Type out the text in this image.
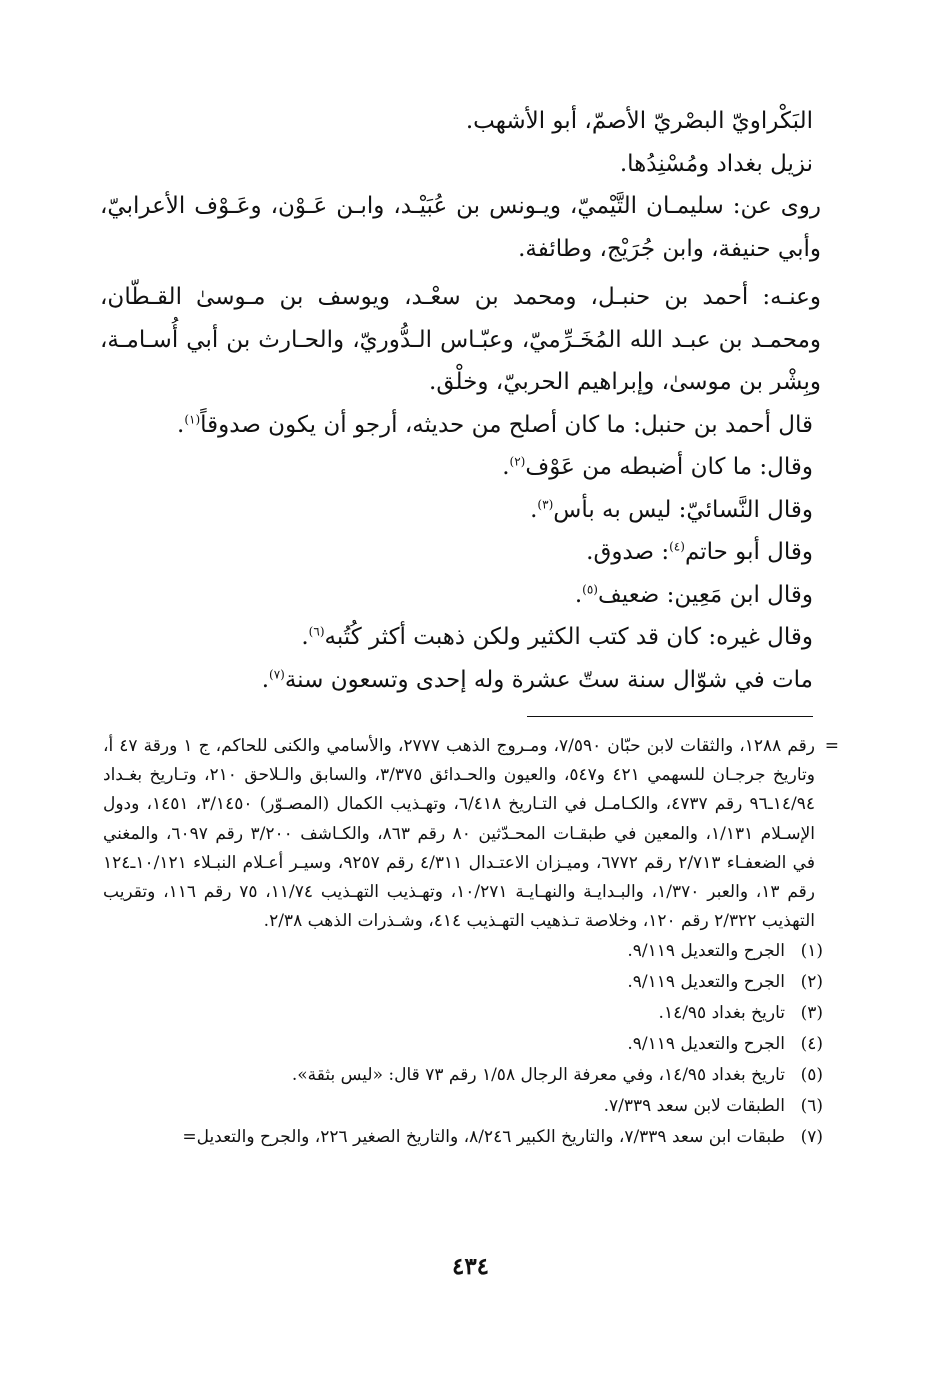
البَكْراويّ البصْريّ الأصمّ، أبو الأشهب.

نزيل بغداد ومُسْنِدُها.

روى عن: سليمـان التَّيْميّ، ويـونس بن عُبَيْـد، وابـن عَـوْن، وعَـوْف الأعرابيّ، وأبي حنيفة، وابن جُرَيْج، وطائفة.

وعنـه: أحمد بن حنبـل، ومحمد بن سعْـد، ويوسف بن مـوسىٰ القـطّان، ومحمـد بن عبـد الله المُخَـرِّميّ، وعبّـاس الـدُّوريّ، والحـارث بن أبي أُسـامـة، وبِشْر بن موسىٰ، وإبراهيم الحربيّ، وخلْق.

قال أحمد بن حنبل: ما كان أصلح من حديثه، أرجو أن يكون صدوقاً$^{(١)}$.

وقال: ما كان أضبطه من عَوْف$^{(٢)}$.

وقال النَّسائيّ: ليس به بأس$^{(٣)}$.

وقال أبو حاتم$^{(٤)}$: صدوق.

وقال ابن مَعِين: ضعيف$^{(٥)}$.

وقال غيره: كان قد كتب الكثير ولكن ذهبت أكثر كُتُبه$^{(٦)}$.

مات في شوّال سنة ستّ عشرة وله إحدى وتسعون سنة$^{(٧)}$.

=

رقم ١٢٨٨، والثقات لابن حبّان ٧/٥٩٠، ومـروج الذهب ٢٧٧٧، والأسامي والكنى للحاكم، ج ١ ورقة ٤٧ أ، وتاريخ جرجـان للسهمي ٤٢١ و٥٤٧، والعيون والحـدائق ٣/٣٧٥، والسابق والـلاحق ٢١٠، وتـاريخ بغـداد ١٤/٩٤ـ٩٦ رقم ٤٧٣٧، والكـامـل في التـاريخ ٦/٤١٨، وتهـذيب الكمال (المصـوّر) ٣/١٤٥٠، ١٤٥١، ودول الإسـلام ١/١٣١، والمعين في طبقـات المحـدّثين ٨٠ رقم ٨٦٣، والكـاشف ٣/٢٠٠ رقم ٦٠٩٧، والمغني في الضعفـاء ٢/٧١٣ رقم ٦٧٧٢، وميـزان الاعتـدال ٤/٣١١ رقم ٩٢٥٧، وسيـر أعـلام النبـلاء ١٠/١٢١ـ١٢٤ رقم ١٣، والعبر ١/٣٧٠، والبـدايـة والنهـايـة ١٠/٢٧١، وتهـذيب التهـذيب ١١/٧٤، ٧٥ رقم ١١٦، وتقريب التهذيب ٢/٣٢٢ رقم ١٢٠، وخلاصة تـذهيب التهـذيب ٤١٤، وشـذرات الذهب ٢/٣٨.

(١)
الجرح والتعديل ٩/١١٩.
(٢)
الجرح والتعديل ٩/١١٩.
(٣)
تاريخ بغداد ١٤/٩٥.
(٤)
الجرح والتعديل ٩/١١٩.
(٥)
تاريخ بغداد ١٤/٩٥، وفي معرفة الرجال ١/٥٨ رقم ٧٣ قال: «ليس بثقة».
(٦)
الطبقات لابن سعد ٧/٣٣٩.
(٧)
طبقات ابن سعد ٧/٣٣٩، والتاريخ الكبير ٨/٢٤٦، والتاريخ الصغير ٢٢٦، والجرح والتعديل=
٤٣٤
